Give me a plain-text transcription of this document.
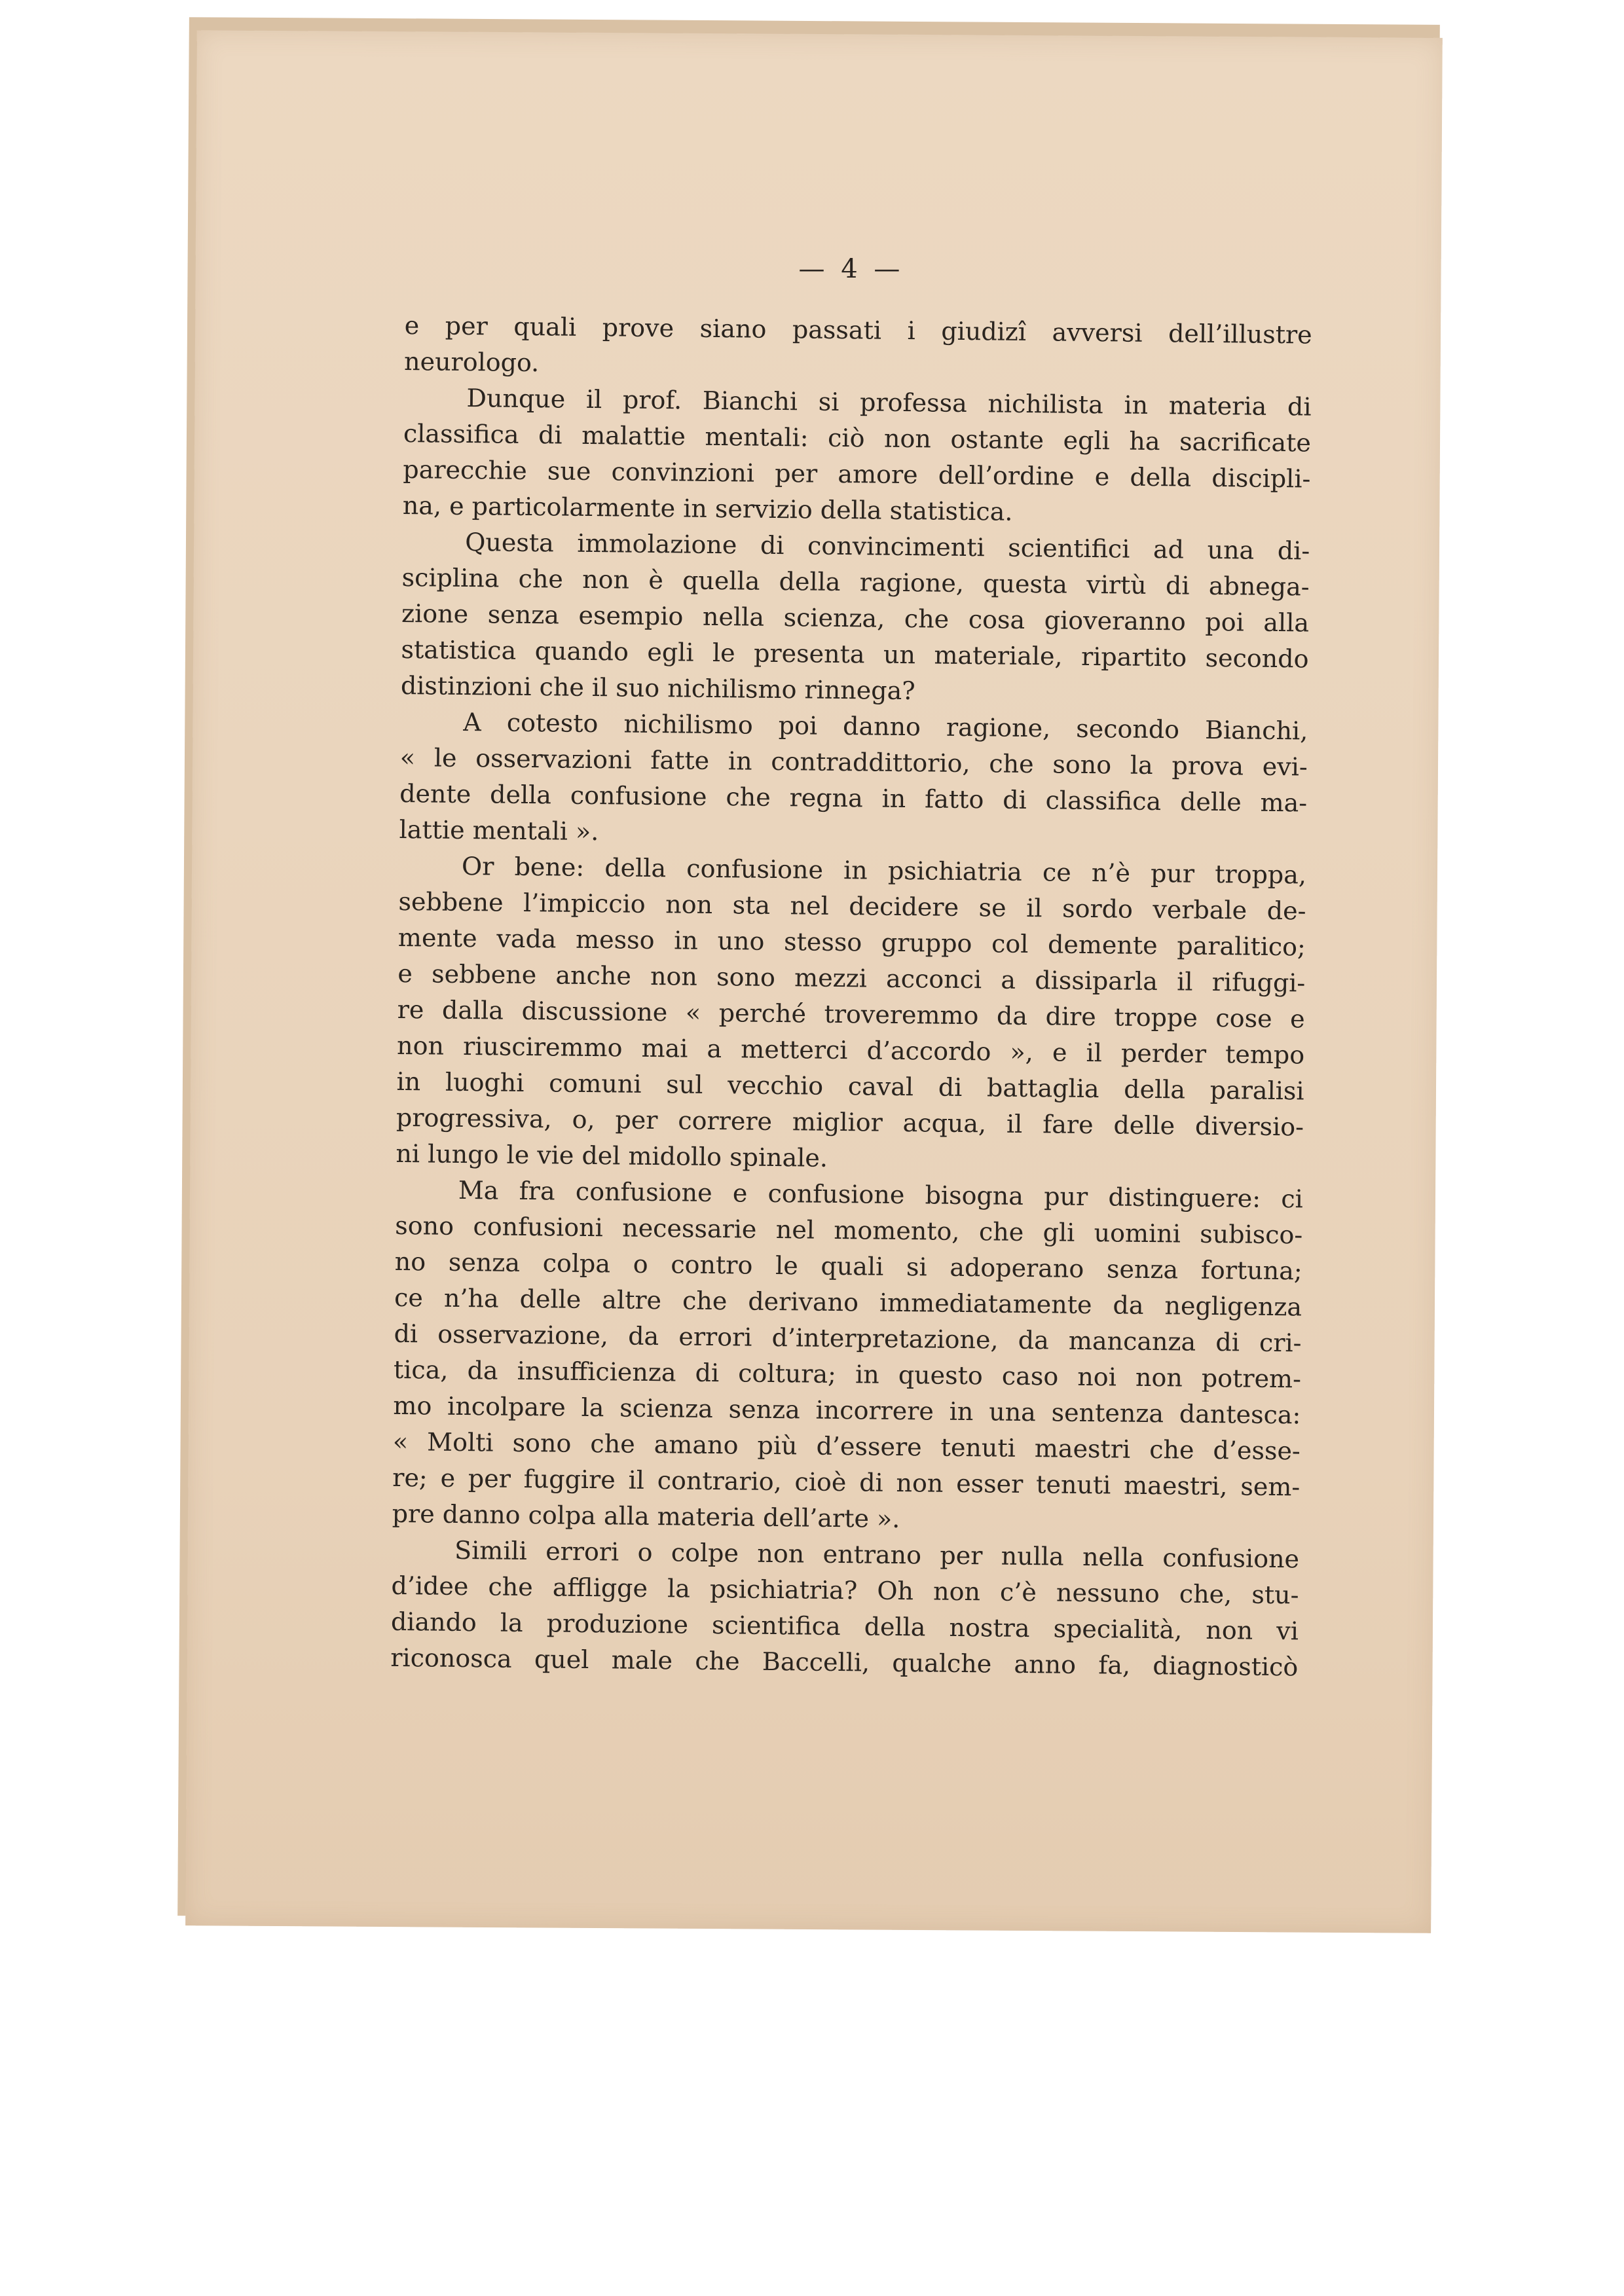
— 4 —
e per quali prove siano passati i giudizî avversi dell’illustre
neurologo.
Dunque il prof. Bianchi si professa nichilista in materia di
classifica di malattie mentali: ciò non ostante egli ha sacrificate
parecchie sue convinzioni per amore dell’ordine e della discipli-
na, e particolarmente in servizio della statistica.
Questa immolazione di convincimenti scientifici ad una di-
sciplina che non è quella della ragione, questa virtù di abnega-
zione senza esempio nella scienza, che cosa gioveranno poi alla
statistica quando egli le presenta un materiale, ripartito secondo
distinzioni che il suo nichilismo rinnega?
A cotesto nichilismo poi danno ragione, secondo Bianchi,
« le osservazioni fatte in contraddittorio, che sono la prova evi-
dente della confusione che regna in fatto di classifica delle ma-
lattie mentali ».
Or bene: della confusione in psichiatria ce n’è pur troppa,
sebbene l’impiccio non sta nel decidere se il sordo verbale de-
mente vada messo in uno stesso gruppo col demente paralitico;
e sebbene anche non sono mezzi acconci a dissiparla il rifuggi-
re dalla discussione « perché troveremmo da dire troppe cose e
non riusciremmo mai a metterci d’accordo », e il perder tempo
in luoghi comuni sul vecchio caval di battaglia della paralisi
progressiva, o, per correre miglior acqua, il fare delle diversio-
ni lungo le vie del midollo spinale.
Ma fra confusione e confusione bisogna pur distinguere: ci
sono confusioni necessarie nel momento, che gli uomini subisco-
no senza colpa o contro le quali si adoperano senza fortuna;
ce n’ha delle altre che derivano immediatamente da negligenza
di osservazione, da errori d’interpretazione, da mancanza di cri-
tica, da insufficienza di coltura; in questo caso noi non potrem-
mo incolpare la scienza senza incorrere in una sentenza dantesca:
« Molti sono che amano più d’essere tenuti maestri che d’esse-
re; e per fuggire il contrario, cioè di non esser tenuti maestri, sem-
pre danno colpa alla materia dell’arte ».
Simili errori o colpe non entrano per nulla nella confusione
d’idee che affligge la psichiatria? Oh non c’è nessuno che, stu-
diando la produzione scientifica della nostra specialità, non vi
riconosca quel male che Baccelli, qualche anno fa, diagnosticò
